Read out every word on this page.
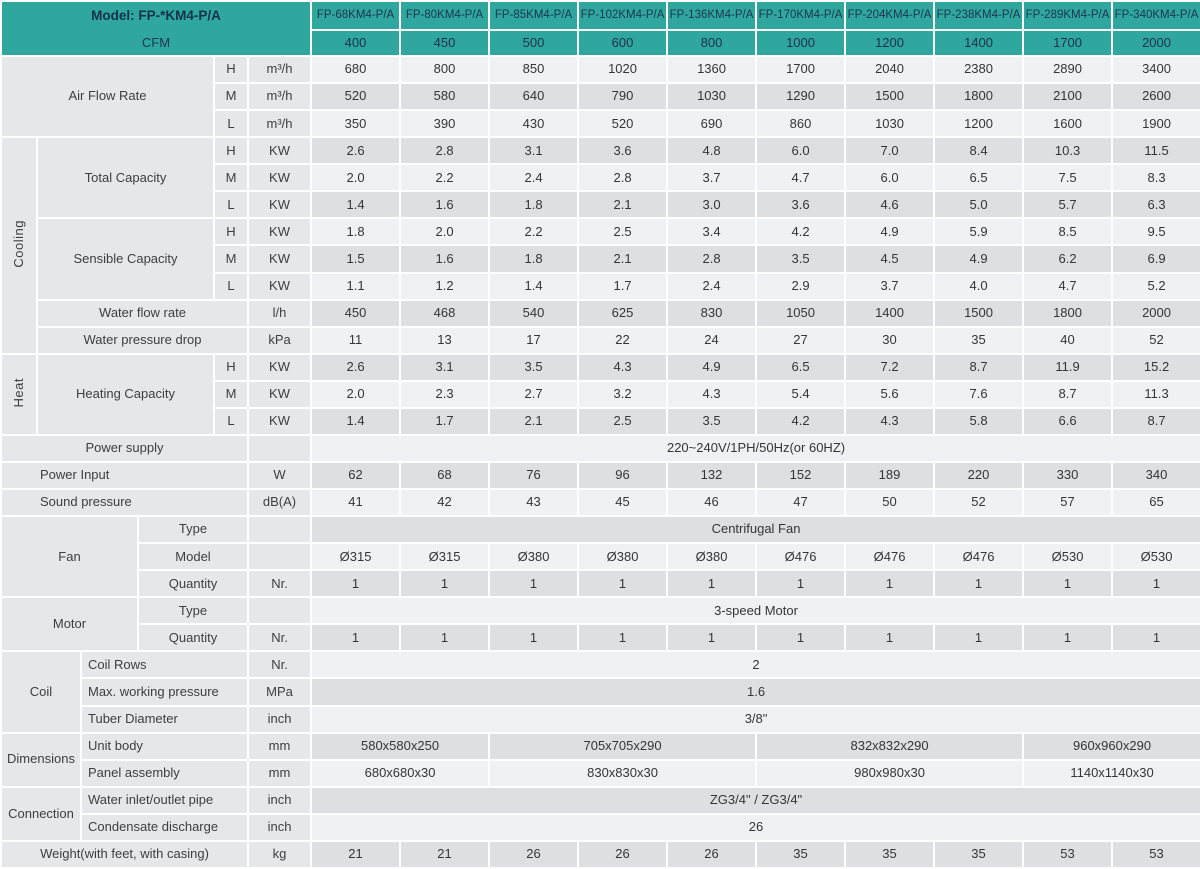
Model: FP-*KM4-P/A
CFM						FP-68KM4-P/A	FP-80KM4-P/A	FP-85KM4-P/A	FP-102KM4-P/A	FP-136KM4-P/A	FP-170KM4-P/A	FP-204KM4-P/A	FP-238KM4-P/A	FP-289KM4-P/A	FP-340KM4-P/A
						400	450	500	600	800	1000	1200	1400	1700	2000
Air Flow Rate				H	m³/h	680	800	850	1020	1360	1700	2040	2380	2890	3400
				M	m³/h	520	580	640	790	1030	1290	1500	1800	2100	2600
				L	m³/h	350	390	430	520	690	860	1030	1200	1600	1900
Cooling	Total Capacity			H	KW	2.6	2.8	3.1	3.6	4.8	6.0	7.0	8.4	10.3	11.5
				M	KW	2.0	2.2	2.4	2.8	3.7	4.7	6.0	6.5	7.5	8.3
				L	KW	1.4	1.6	1.8	2.1	3.0	3.6	4.6	5.0	5.7	6.3
	Sensible Capacity			H	KW	1.8	2.0	2.2	2.5	3.4	4.2	4.9	5.9	8.5	9.5
				M	KW	1.5	1.6	1.8	2.1	2.8	3.5	4.5	4.9	6.2	6.9
				L	KW	1.1	1.2	1.4	1.7	2.4	2.9	3.7	4.0	4.7	5.2
	Water flow rate				l/h	450	468	540	625	830	1050	1400	1500	1800	2000
	Water pressure drop				kPa	11	13	17	22	24	27	30	35	40	52
Heat	Heating Capacity			H	KW	2.6	3.1	3.5	4.3	4.9	6.5	7.2	8.7	11.9	15.2
				M	KW	2.0	2.3	2.7	3.2	4.3	5.4	5.6	7.6	8.7	11.3
				L	KW	1.4	1.7	2.1	2.5	3.5	4.2	4.3	5.8	6.6	8.7
Power supply						220~240V/1PH/50Hz(or 60HZ)									
Power Input					W	62	68	76	96	132	152	189	220	330	340
Sound pressure					dB(A)	41	42	43	45	46	47	50	52	57	65
Fan			Type			Centrifugal Fan									
			Model			Ø315	Ø315	Ø380	Ø380	Ø380	Ø476	Ø476	Ø476	Ø530	Ø530
			Quantity		Nr.	1	1	1	1	1	1	1	1	1	1
Motor			Type			3-speed Motor									
			Quantity		Nr.	1	1	1	1	1	1	1	1	1	1
Coil		Coil Rows			Nr.	2									
		Max. working pressure			MPa	1.6									
		Tuber Diameter			inch	3/8"									
Dimensions		Unit body			mm	580x580x250		705x705x290			832x832x290			960x960x290	
		Panel assembly			mm	680x680x30		830x830x30			980x980x30			1140x1140x30	
Connection		Water inlet/outlet pipe			inch	ZG3/4" / ZG3/4"									
		Condensate discharge			inch	26									
Weight(with feet, with casing)					kg	21	21	26	26	26	35	35	35	53	53
